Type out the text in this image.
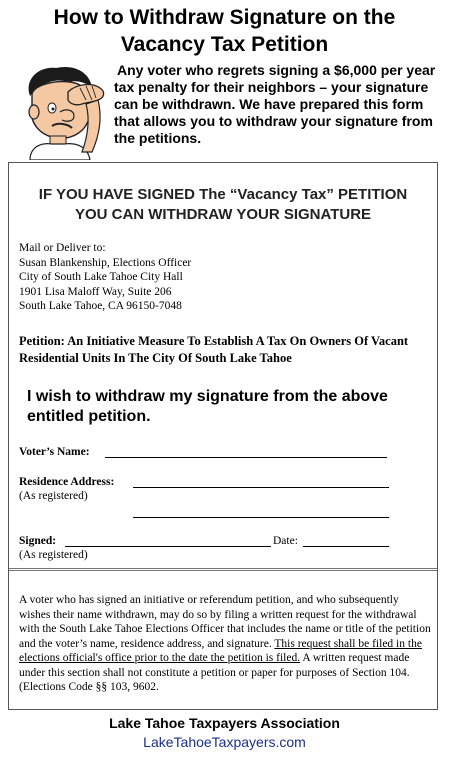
How to Withdraw Signature on the
Vacancy Tax Petition
Any voter who regrets signing a $6,000 per year tax penalty for their neighbors – your signature can be withdrawn. We have prepared this form that allows you to withdraw your signature from the petitions.
IF YOU HAVE SIGNED The “Vacancy Tax” PETITION
YOU CAN WITHDRAW YOUR SIGNATURE
Mail or Deliver to:
Susan Blankenship, Elections Officer
City of South Lake Tahoe City Hall
1901 Lisa Maloff Way, Suite 206
South Lake Tahoe, CA 96150-7048
Petition: An Initiative Measure To Establish A Tax On Owners Of Vacant Residential Units In The City Of South Lake Tahoe
I wish to withdraw my signature from the above entitled petition.
Voter’s Name:
Residence Address:
(As registered)
Signed:
(As registered)
Date:
A voter who has signed an initiative or referendum petition, and who subsequently wishes their name withdrawn, may do so by filing a written request for the withdrawal with the South Lake Tahoe Elections Officer that includes the name or title of the petition and the voter’s name, residence address, and signature. This request shall be filed in the elections official's office prior to the date the petition is filed. A written request made under this section shall not constitute a petition or paper for purposes of Section 104. (Elections Code §§ 103, 9602.
Lake Tahoe Taxpayers Association
LakeTahoeTaxpayers.com
